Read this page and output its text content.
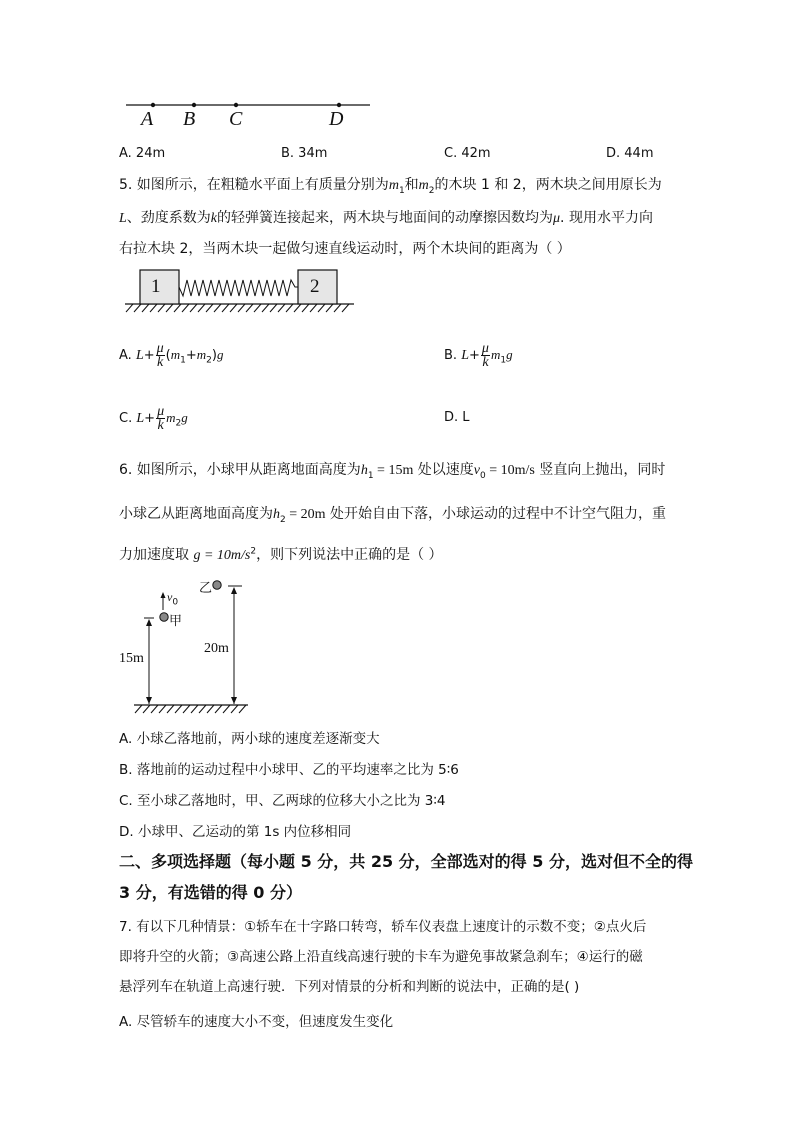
A B C	D
A. 24m	B. 34m	C. 42m	D. 44m
5. 如图所示，在粗糙水平面上有质量分别为$m_1$和$m_2$的木块 1 和 2，两木块之间用原长为
L、劲度系数为k的轻弹簧连接起来，两木块与地面间的动摩擦因数均为μ. 现用水平力向
右拉木块 2，当两木块一起做匀速直线运动时，两个木块间的距离为（ ）
1	2
A. $L+ \frac{\mu}{k} (m_1+m_2)g$	B. $L+ \frac{\mu}{k} m_1g$
C. $L+ \frac{\mu}{k} m_2g$	D. L
6. 如图所示，小球甲从距离地面高度为$h_1 = 15m$ 处以速度$v_0 = 10m/s$ 竖直向上抛出，同时
小球乙从距离地面高度为$h_2 = 20m$ 处开始自由下落，小球运动的过程中不计空气阻力，重
力加速度取 $g = 10m/s^2$，则下列说法中正确的是（ ）
$v_0$
甲
乙
15m
20m
A. 小球乙落地前，两小球的速度差逐渐变大
B. 落地前的运动过程中小球甲、乙的平均速率之比为 5∶6
C. 至小球乙落地时，甲、乙两球的位移大小之比为 3∶4
D. 小球甲、乙运动的第 1s 内位移相同
二、多项选择题（每小题 5 分，共 25 分，全部选对的得 5 分，选对但不全的得
3 分，有选错的得 0 分）
7. 有以下几种情景：①轿车在十字路口转弯，轿车仪表盘上速度计的示数不变；②点火后
即将升空的火箭；③高速公路上沿直线高速行驶的卡车为避免事故紧急刹车；④运行的磁
悬浮列车在轨道上高速行驶．下列对情景的分析和判断的说法中，正确的是( )
A. 尽管轿车的速度大小不变，但速度发生变化
